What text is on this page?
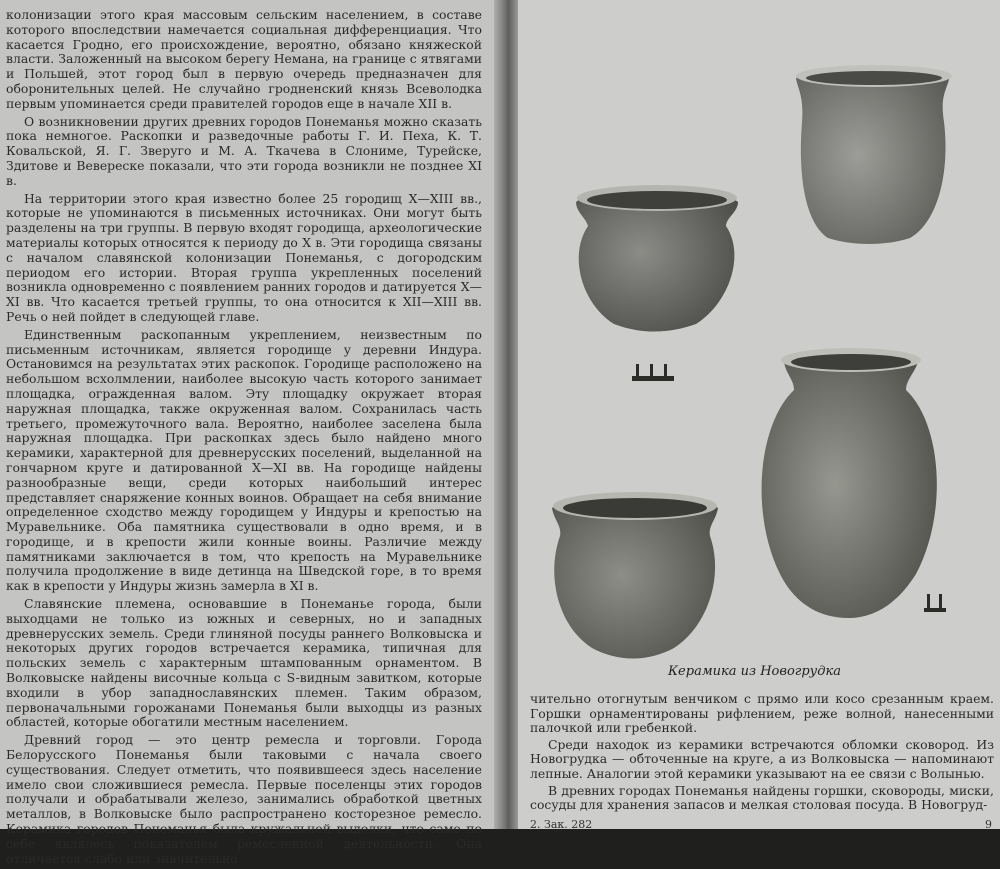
колонизации этого края массовым сельским населением, в составе которого впоследствии намечается социальная дифференциация. Что касается Гродно, его происхождение, вероятно, обязано княжеской власти. Заложенный на высоком берегу Немана, на границе с ятвягами и Польшей, этот город был в первую очередь предназначен для оборонительных целей. Не случайно гродненский князь Всеволодка первым упоминается среди правителей городов еще в начале XII в.

О возникновении других древних городов Понеманья можно сказать пока немногое. Раскопки и разведочные работы Г. И. Пеха, К. Т. Ковальской, Я. Г. Зверуго и М. А. Ткачева в Слониме, Турейске, Здитове и Веверeске показали, что эти города возникли не позднее XI в.

На территории этого края известно более 25 городищ X—XIII вв., которые не упоминаются в письменных источниках. Они могут быть разделены на три группы. В первую входят городища, археологические материалы которых относятся к периоду до X в. Эти городища связаны с началом славянской колонизации Понеманья, с догородским периодом его истории. Вторая группа укрепленных поселений возникла одновременно с появлением ранних городов и датируется X—XI вв. Что касается третьей группы, то она относится к XII—XIII вв. Речь о ней пойдет в следующей главе.

Единственным раскопанным укреплением, неизвестным по письменным источникам, является городище у деревни Индура. Остановимся на результатах этих раскопок. Городище расположено на небольшом всхолмлении, наиболее высокую часть которого занимает площадка, огражденная валом. Эту площадку окружает вторая наружная площадка, также окруженная валом. Сохранилась часть третьего, промежуточного вала. Вероятно, наиболее заселена была наружная площадка. При раскопках здесь было найдено много керамики, характерной для древнерусских поселений, выделанной на гончарном круге и датированной X—XI вв. На городище найдены разнообразные вещи, среди которых наибольший интерес представляет снаряжение конных воинов. Обращает на себя внимание определенное сходство между городищем у Индуры и крепостью на Муравельнике. Оба памятника существовали в одно время, и в городище, и в крепости жили конные воины. Различие между памятниками заключается в том, что крепость на Муравельнике получила продолжение в виде детинца на Шведской горе, в то время как в крепости у Индуры жизнь замерла в XI в.

Славянские племена, основавшие в Понеманье города, были выходцами не только из южных и северных, но и западных древнерусских земель. Среди глиняной посуды раннего Волковыска и некоторых других городов встречается керамика, типичная для польских земель с характерным штампованным орнаментом. В Волковыске найдены височные кольца с S-видным завитком, которые входили в убор западнославянских племен. Таким образом, первоначальными горожанами Понеманья были выходцы из разных областей, которые обогатили местным населением.

Древний город — это центр ремесла и торговли. Города Белорусского Понеманья были таковыми с начала своего существования. Следует отметить, что появившееся здесь население имело свои сложившиеся ремесла. Первые поселенцы этих городов получали и обрабатывали железо, занимались обработкой цветных металлов, в Волковыске было распространено косторезное ремесло. Керамика городов Понеманья была кружальной выделки, что само по себе являлось показателем ремесленной деятельности. Она отличается слабо или значительно

Керамика из Новогрудка

чительно отогнутым венчиком с прямо или косо срезанным краем. Горшки орнаментированы рифлением, реже волной, нанесенными палочкой или гребенкой.

Среди находок из керамики встречаются обломки сковород. Из Новогрудка — обточенные на круге, а из Волковыска — напоминают лепные. Аналогии этой керамики указывают на ее связи с Волынью.

В древних городах Понеманья найдены горшки, сковороды, миски, сосуды для хранения запасов и мелкая столовая посуда. В Новогруд-

2. Зак. 282	9
